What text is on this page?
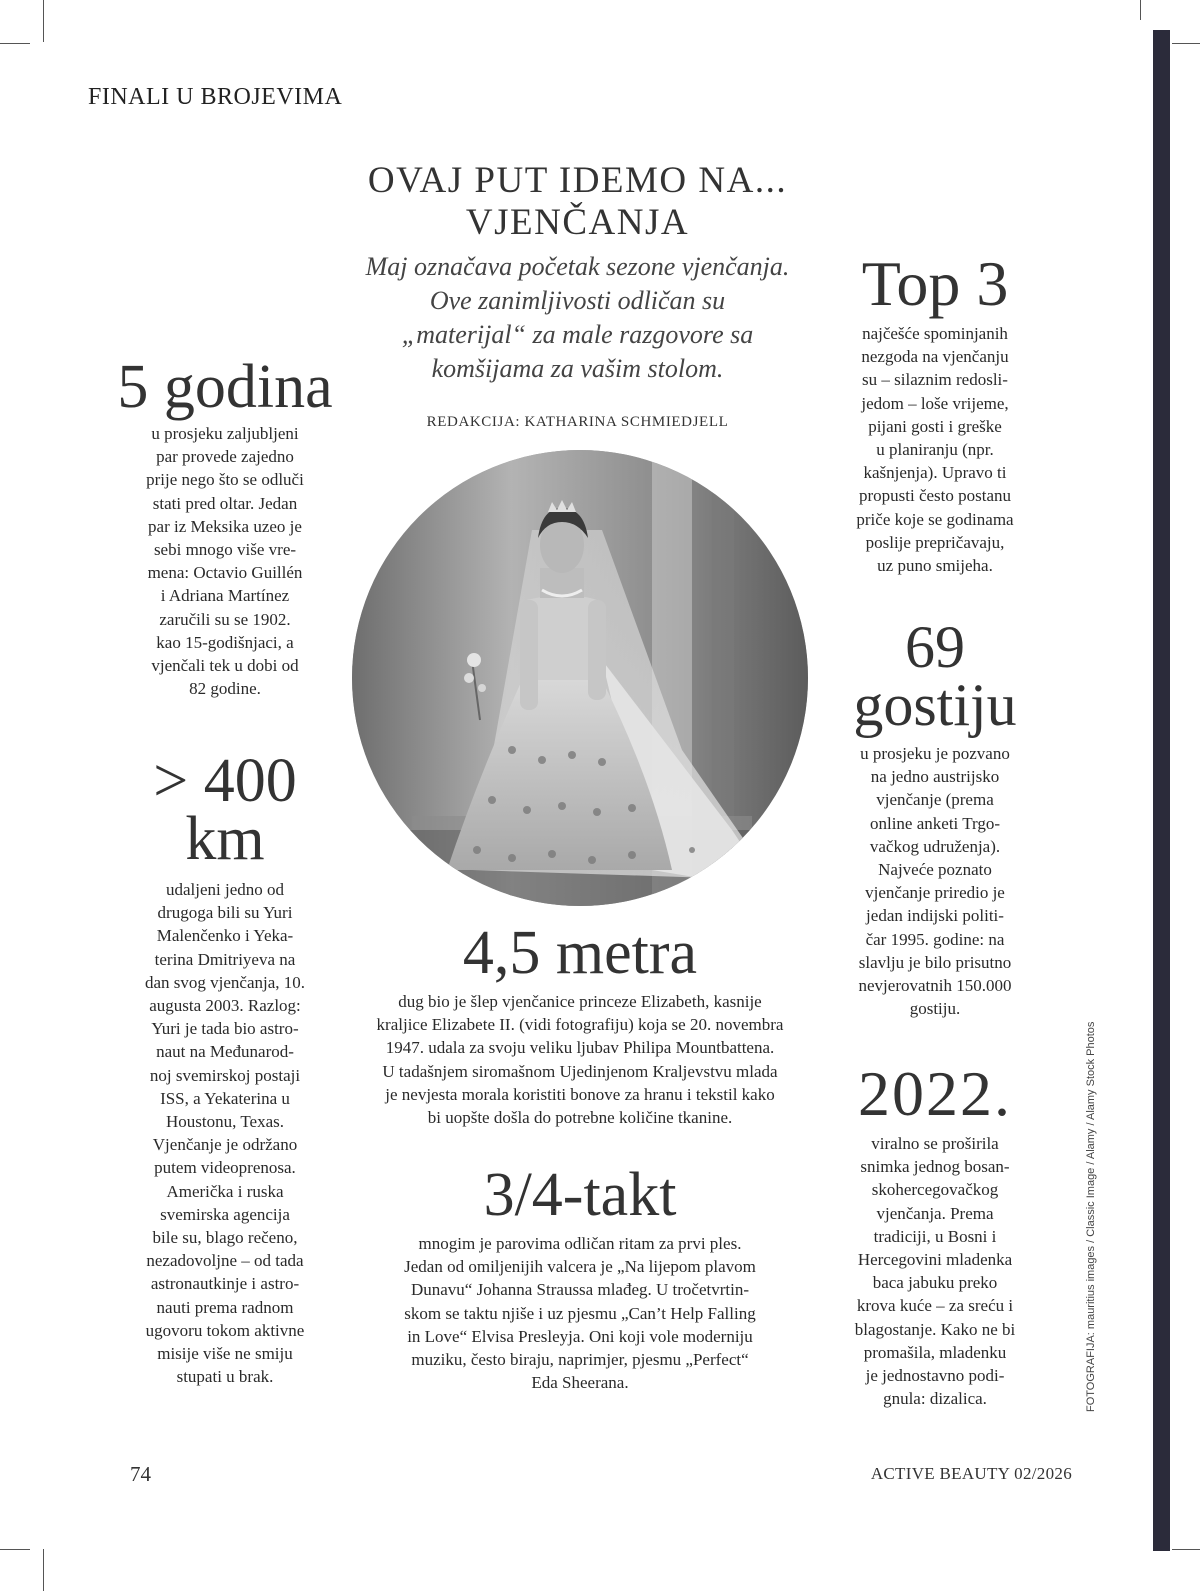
FINALI U BROJEVIMA
OVAJ PUT IDEMO NA...
VJENČANJA
Maj označava početak sezone vjenčanja.
Ove zanimljivosti odličan su
„materijal“ za male razgovore sa
komšijama za vašim stolom.
REDAKCIJA: KATHARINA SCHMIEDJELL
5 godina
u prosjeku zaljubljeni
par provede zajedno
prije nego što se odluči
stati pred oltar. Jedan
par iz Meksika uzeo je
sebi mnogo više vre-
mena: Octavio Guillén
i Adriana Martínez
zaručili su se 1902.
kao 15-godišnjaci, a
vjenčali tek u dobi od
82 godine.
> 400
km
udaljeni jedno od
drugoga bili su Yuri
Malenčenko i Yeka-
terina Dmitriyeva na
dan svog vjenčanja, 10.
augusta 2003. Razlog:
Yuri je tada bio astro-
naut na Međunarod-
noj svemirskoj postaji
ISS, a Yekaterina u
Houstonu, Texas.
Vjenčanje je održano
putem videoprenosa.
Američka i ruska
svemirska agencija
bile su, blago rečeno,
nezadovoljne – od tada
astronautkinje i astro-
nauti prema radnom
ugovoru tokom aktivne
misije više ne smiju
stupati u brak.
Top 3
najčešće spominjanih
nezgoda na vjenčanju
su – silaznim redosli-
jedom – loše vrijeme,
pijani gosti i greške
u planiranju (npr.
kašnjenja). Upravo ti
propusti često postanu
priče koje se godinama
poslije prepričavaju,
uz puno smijeha.
69
gostiju
u prosjeku je pozvano
na jedno austrijsko
vjenčanje (prema
online anketi Trgo-
vačkog udruženja).
Najveće poznato
vjenčanje priredio je
jedan indijski politi-
čar 1995. godine: na
slavlju je bilo prisutno
nevjerovatnih 150.000
gostiju.
2022.
viralno se proširila
snimka jednog bosan-
skohercegovačkog
vjenčanja. Prema
tradiciji, u Bosni i
Hercegovini mladenka
baca jabuku preko
krova kuće – za sreću i
blagostanje. Kako ne bi
promašila, mladenku
je jednostavno podi-
gnula: dizalica.
4,5 metra
dug bio je šlep vjenčanice princeze Elizabeth, kasnije
kraljice Elizabete II. (vidi fotografiju) koja se 20. novembra
1947. udala za svoju veliku ljubav Philipa Mountbattena.
U tadašnjem siromašnom Ujedinjenom Kraljevstvu mlada
je nevjesta morala koristiti bonove za hranu i tekstil kako
bi uopšte došla do potrebne količine tkanine.
3/4-takt
mnogim je parovima odličan ritam za prvi ples.
Jedan od omiljenijih valcera je „Na lijepom plavom
Dunavu“ Johanna Straussa mlađeg. U tročetvrtin-
skom se taktu njiše i uz pjesmu „Can’t Help Falling
in Love“ Elvisa Presleyja. Oni koji vole moderniju
muziku, često biraju, naprimjer, pjesmu „Perfect“
Eda Sheerana.	FOTOGRAFIJA: mauritius images / Classic Image / Alamy / Alamy Stock Photos
74	ACTIVE BEAUTY 02/2026
